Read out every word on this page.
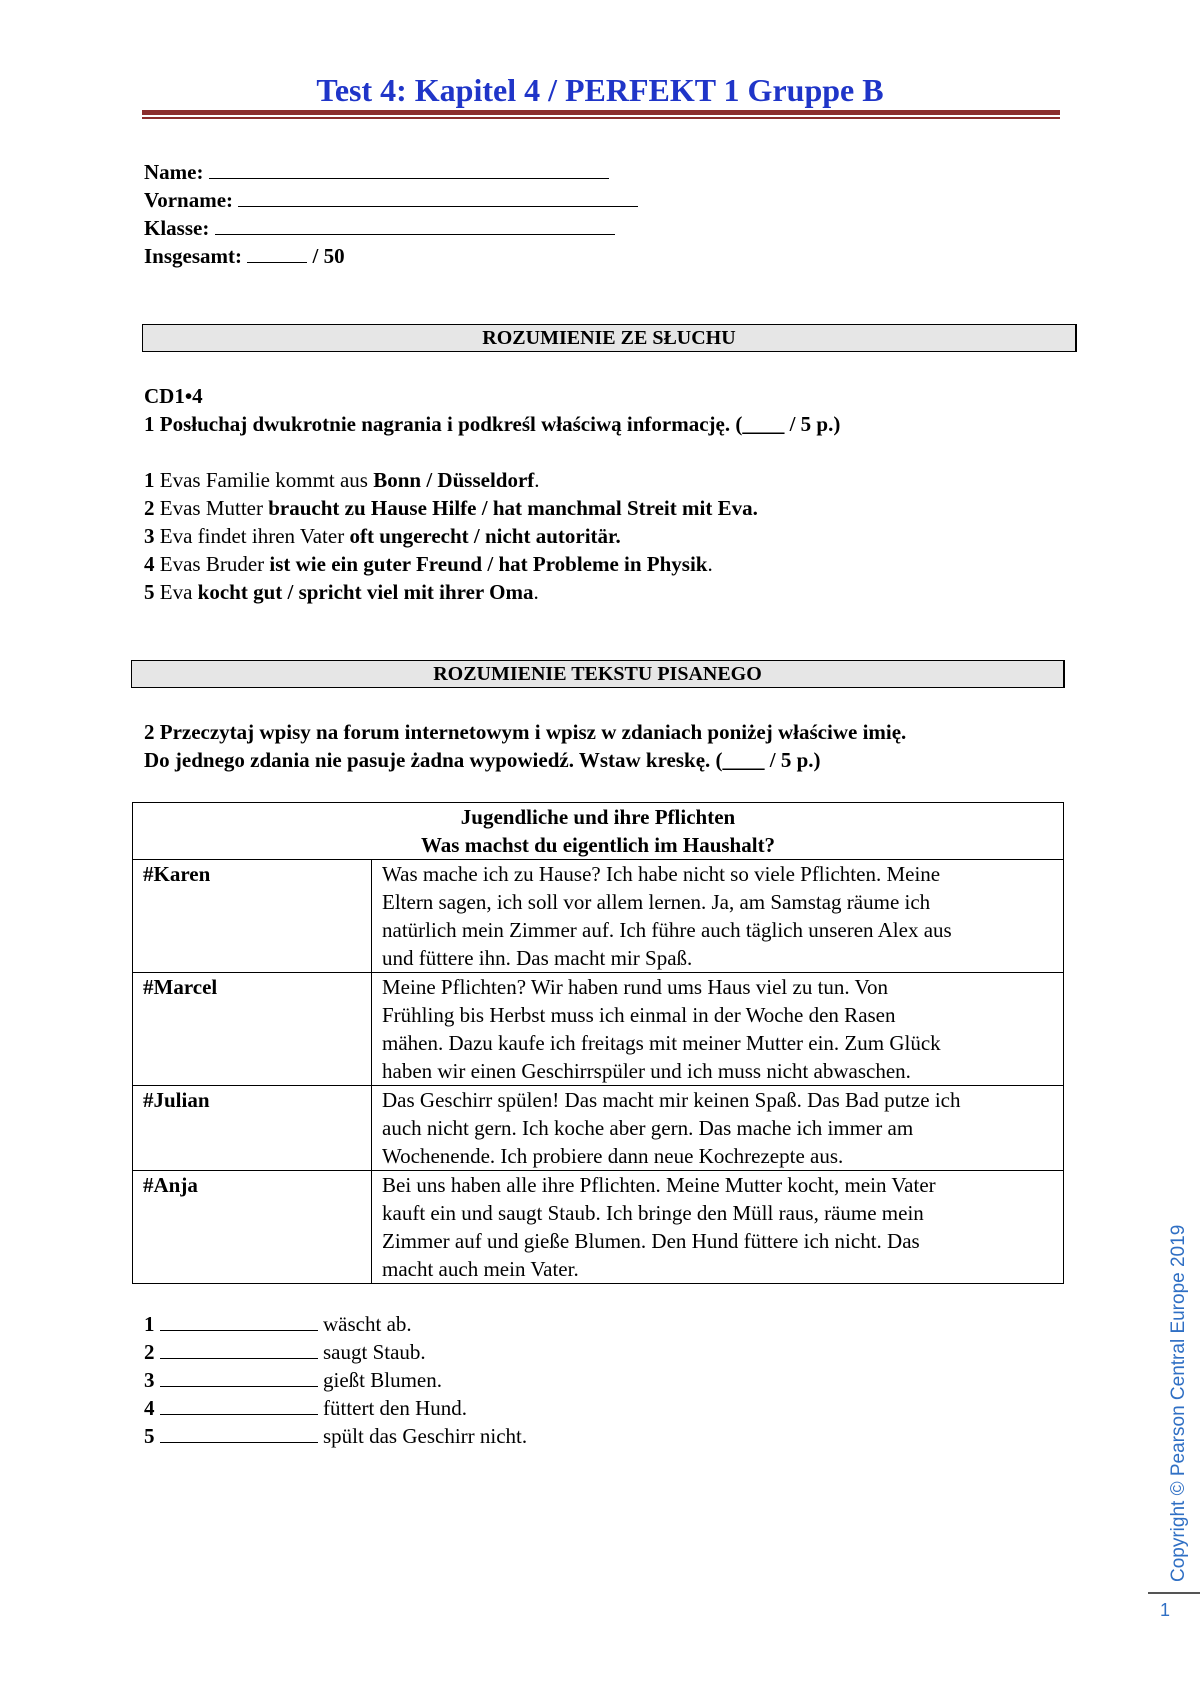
Test 4: Kapitel 4 / PERFEKT 1 Gruppe B
Name:
Vorname:
Klasse:
Insgesamt:	/ 50
ROZUMIENIE ZE SŁUCHU
CD1•4
1 Posłuchaj dwukrotnie nagrania i podkreśl właściwą informację. (____ / 5 p.)
1 Evas Familie kommt aus Bonn / Düsseldorf.
2 Evas Mutter braucht zu Hause Hilfe / hat manchmal Streit mit Eva.
3 Eva findet ihren Vater oft ungerecht / nicht autoritär.
4 Evas Bruder ist wie ein guter Freund / hat Probleme in Physik.
5 Eva kocht gut / spricht viel mit ihrer Oma.
ROZUMIENIE TEKSTU PISANEGO
2 Przeczytaj wpisy na forum internetowym i wpisz w zdaniach poniżej właściwe imię.
Do jednego zdania nie pasuje żadna wypowiedź. Wstaw kreskę. (____ / 5 p.)
Jugendliche und ihre Pflichten
Was machst du eigentlich im Haushalt?	

#Karen	Was mache ich zu Hause? Ich habe nicht so viele Pflichten. Meine
Eltern sagen, ich soll vor allem lernen. Ja, am Samstag räume ich
natürlich mein Zimmer auf. Ich führe auch täglich unseren Alex aus
und füttere ihn. Das macht mir Spaß.

#Marcel	Meine Pflichten? Wir haben rund ums Haus viel zu tun. Von
Frühling bis Herbst muss ich einmal in der Woche den Rasen
mähen. Dazu kaufe ich freitags mit meiner Mutter ein. Zum Glück
haben wir einen Geschirrspüler und ich muss nicht abwaschen.

#Julian	Das Geschirr spülen! Das macht mir keinen Spaß. Das Bad putze ich
auch nicht gern. Ich koche aber gern. Das mache ich immer am
Wochenende. Ich probiere dann neue Kochrezepte aus.

#Anja	Bei uns haben alle ihre Pflichten. Meine Mutter kocht, mein Vater
kauft ein und saugt Staub. Ich bringe den Müll raus, räume mein
Zimmer auf und gieße Blumen. Den Hund füttere ich nicht. Das
macht auch mein Vater.
1	wäscht ab.
2	saugt Staub.
3	gießt Blumen.
4	füttert den Hund.
5	spült das Geschirr nicht.	Copyright © Pearson Central Europe 2019
1
